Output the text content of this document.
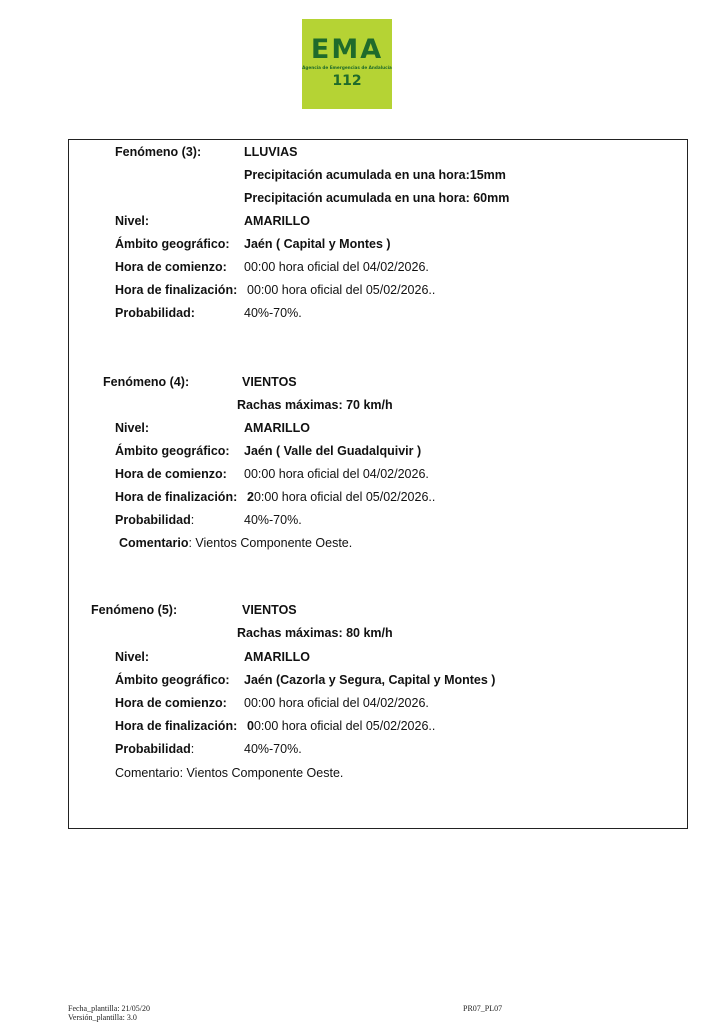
EMA
Agencia de Emergencias de Andalucía
112
Fenómeno (3):	LLUVIAS
Precipitación acumulada en una hora:15mm
Precipitación acumulada en una hora: 60mm
Nivel:	AMARILLO
Ámbito geográfico: Jaén ( Capital y Montes )
Hora de comienzo: 00:00 hora oficial del 04/02/2026.
Hora de finalización: 00:00 hora oficial del 05/02/2026..
Probabilidad:	40%-70%.
Fenómeno (4):	VIENTOS
Rachas máximas: 70 km/h
Nivel:	AMARILLO
Ámbito geográfico: Jaén ( Valle del Guadalquivir )
Hora de comienzo: 00:00 hora oficial del 04/02/2026.
Hora de finalización: 20:00 hora oficial del 05/02/2026..
Probabilidad:	40%-70%.
Comentario: Vientos Componente Oeste.
Fenómeno (5):	VIENTOS
Rachas máximas: 80 km/h
Nivel:	AMARILLO
Ámbito geográfico: Jaén (Cazorla y Segura, Capital y Montes )
Hora de comienzo: 00:00 hora oficial del 04/02/2026.
Hora de finalización: 00:00 hora oficial del 05/02/2026..
Probabilidad:	40%-70%.
Comentario: Vientos Componente Oeste.
Fecha_plantilla: 21/05/20
Versión_plantilla: 3.0
PR07_PL07
